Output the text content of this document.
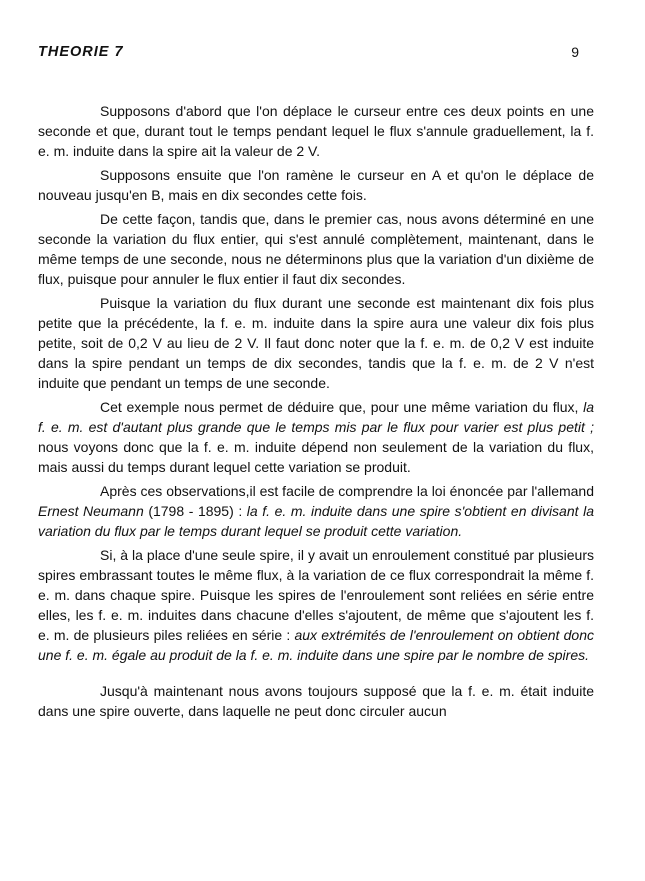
THEORIE 7	9

Supposons d'abord que l'on déplace le curseur entre ces deux points en une seconde et que, durant tout le temps pendant lequel le flux s'annule graduellement, la f. e. m. induite dans la spire ait la valeur de 2 V.

Supposons ensuite que l'on ramène le curseur en A et qu'on le déplace de nouveau jusqu'en B, mais en dix secondes cette fois.

De cette façon, tandis que, dans le premier cas, nous avons déterminé en une seconde la variation du flux entier, qui s'est annulé complètement, maintenant, dans le même temps de une seconde, nous ne déterminons plus que la variation d'un dixième de flux, puisque pour annuler le flux entier il faut dix secondes.

Puisque la variation du flux durant une seconde est maintenant dix fois plus petite que la précédente, la f. e. m. induite dans la spire aura une valeur dix fois plus petite, soit de 0,2 V au lieu de 2 V. Il faut donc noter que la f. e. m. de 0,2 V est induite dans la spire pendant un temps de dix secondes, tandis que la f. e. m. de 2 V n'est induite que pendant un temps de une seconde.

Cet exemple nous permet de déduire que, pour une même variation du flux, la f. e. m. est d'autant plus grande que le temps mis par le flux pour varier est plus petit ; nous voyons donc que la f. e. m. induite dépend non seulement de la variation du flux, mais aussi du temps durant lequel cette variation se produit.

Après ces observations,il est facile de comprendre la loi énoncée par l'allemand Ernest Neumann (1798 - 1895) : la f. e. m. induite dans une spire s'obtient en divisant la variation du flux par le temps durant lequel se produit cette variation.

Si, à la place d'une seule spire, il y avait un enroulement constitué par plusieurs spires embrassant toutes le même flux, à la variation de ce flux correspondrait la même f. e. m. dans chaque spire. Puisque les spires de l'enroulement sont reliées en série entre elles, les f. e. m. induites dans chacune d'elles s'ajoutent, de même que s'ajoutent les f. e. m. de plusieurs piles reliées en série : aux extrémités de l'enroulement on obtient donc une f. e. m. égale au produit de la f. e. m. induite dans une spire par le nombre de spires.

Jusqu'à maintenant nous avons toujours supposé que la f. e. m. était induite dans une spire ouverte, dans laquelle ne peut donc circuler aucun
